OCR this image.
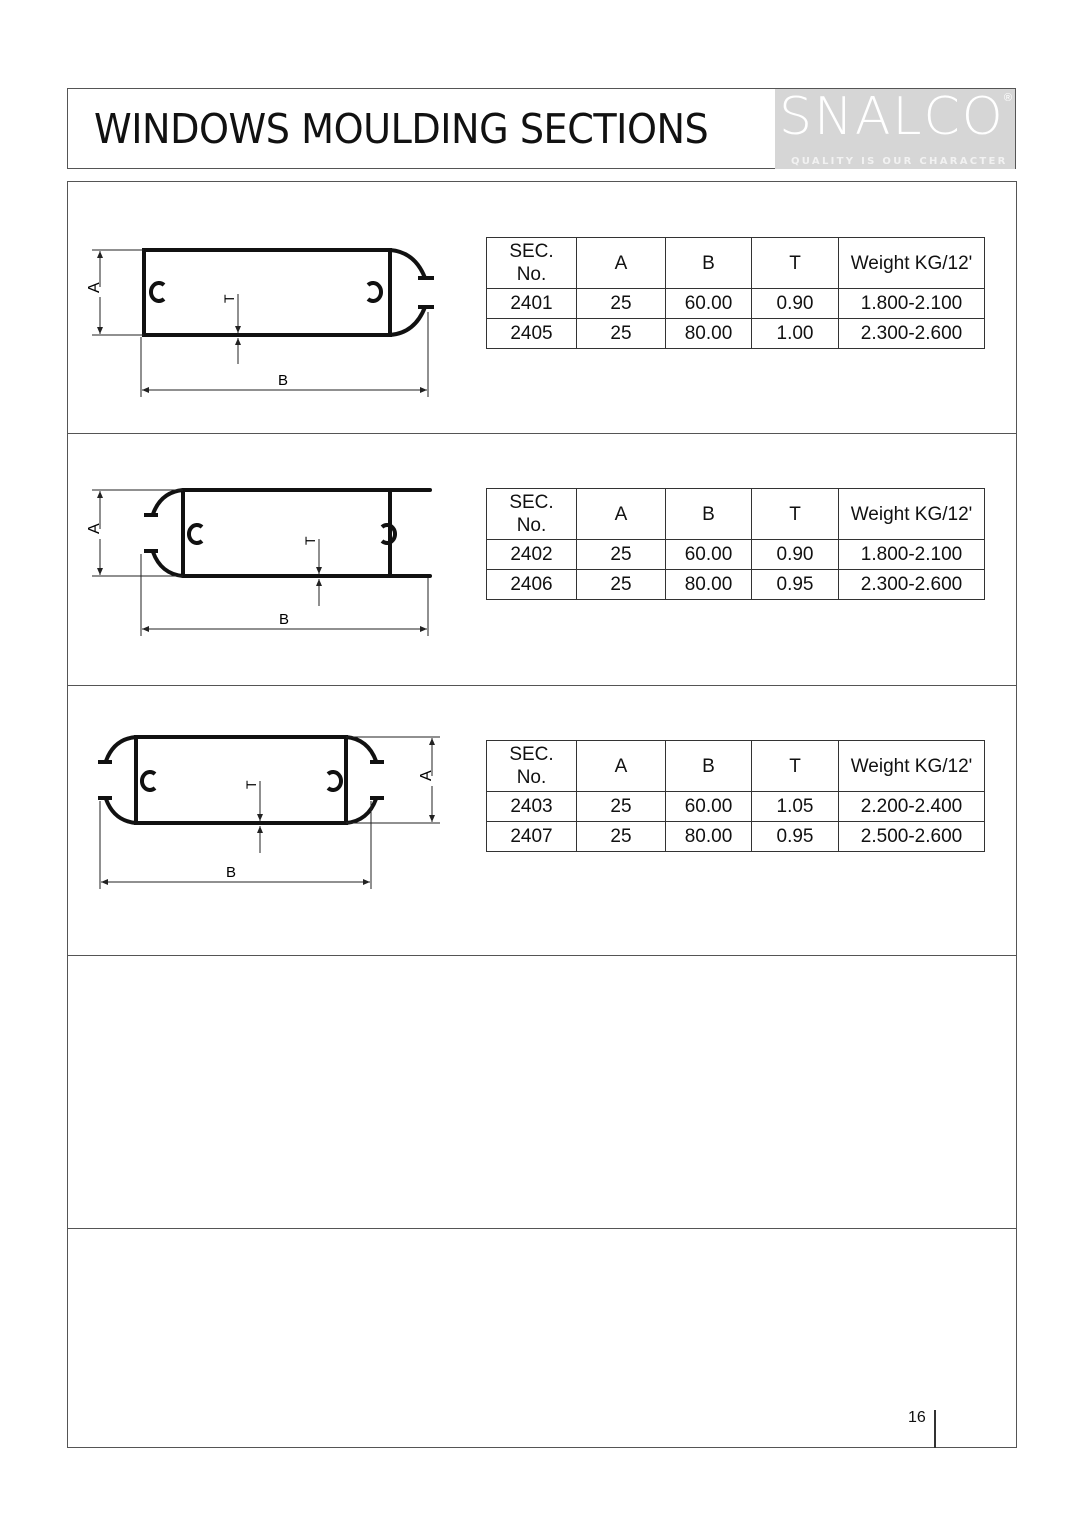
WINDOWS MOULDING SECTIONS SNALCO ®
QUALITY IS OUR CHARACTER
A
T
B
SEC.
No.	A	B	T	Weight KG/12'
2401	25	60.00	0.90	1.800-2.100
2405	25	80.00	1.00	2.300-2.600
A
T
B
SEC.
No.	A	B	T	Weight KG/12'
2402	25	60.00	0.90	1.800-2.100
2406	25	80.00	0.95	2.300-2.600
A
T
B
SEC.
No.	A	B	T	Weight KG/12'
2403	25	60.00	1.05	2.200-2.400
2407	25	80.00	0.95	2.500-2.600
16
